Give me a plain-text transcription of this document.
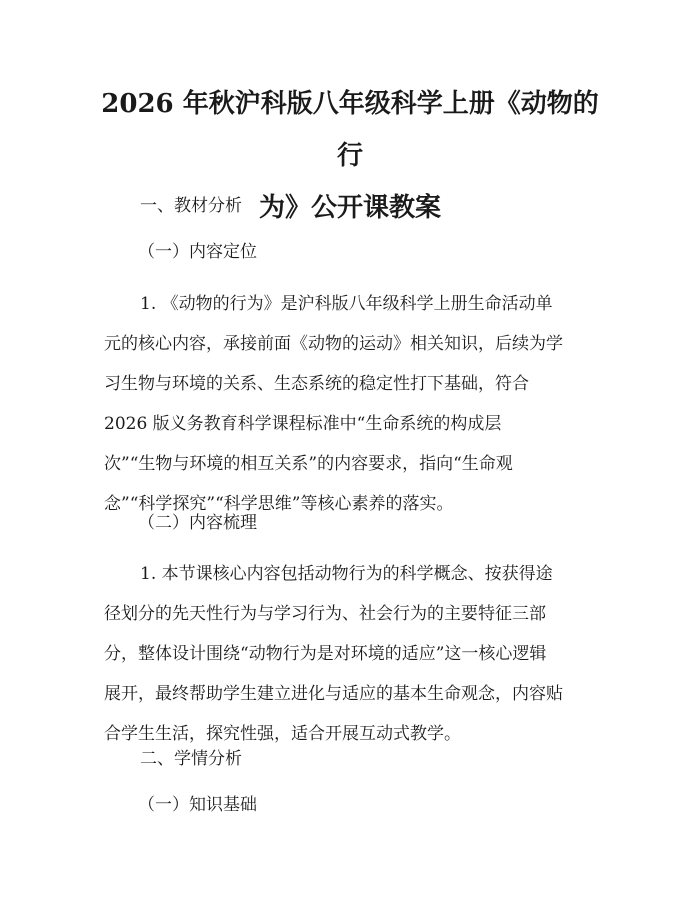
2026 年秋沪科版八年级科学上册《动物的行
为》公开课教案

一、教材分析

（一）内容定位

1. 《动物的行为》是沪科版八年级科学上册生命活动单
元的核心内容，承接前面《动物的运动》相关知识，后续为学
习生物与环境的关系、生态系统的稳定性打下基础，符合
2026 版义务教育科学课程标准中“生命系统的构成层
次”“生物与环境的相互关系”的内容要求，指向“生命观
念”“科学探究”“科学思维”等核心素养的落实。

（二）内容梳理

1. 本节课核心内容包括动物行为的科学概念、按获得途
径划分的先天性行为与学习行为、社会行为的主要特征三部
分，整体设计围绕“动物行为是对环境的适应”这一核心逻辑
展开，最终帮助学生建立进化与适应的基本生命观念，内容贴
合学生生活，探究性强，适合开展互动式教学。

二、学情分析

（一）知识基础
